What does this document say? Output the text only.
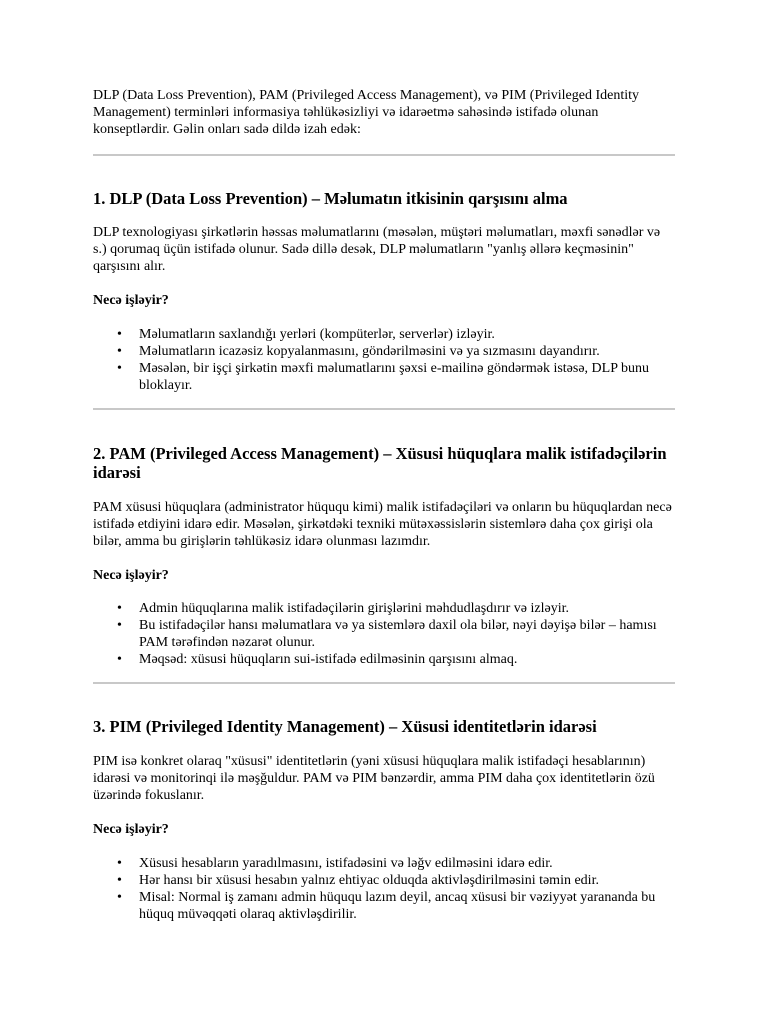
DLP (Data Loss Prevention), PAM (Privileged Access Management), və PIM (Privileged Identity Management) terminləri informasiya təhlükəsizliyi və idarəetmə sahəsində istifadə olunan konseptlərdir. Gəlin onları sadə dildə izah edək:

1. DLP (Data Loss Prevention) – Məlumatın itkisinin qarşısını alma

DLP texnologiyası şirkətlərin həssas məlumatlarını (məsələn, müştəri məlumatları, məxfi sənədlər və s.) qorumaq üçün istifadə olunur. Sadə dillə desək, DLP məlumatların "yanlış əllərə keçməsinin" qarşısını alır.

Necə işləyir?

• Məlumatların saxlandığı yerləri (kompüterlər, serverlər) izləyir.
• Məlumatların icazəsiz kopyalanmasını, göndərilməsini və ya sızmasını dayandırır.
• Məsələn, bir işçi şirkətin məxfi məlumatlarını şəxsi e-mailinə göndərmək istəsə, DLP bunu bloklayır.

2. PAM (Privileged Access Management) – Xüsusi hüquqlara malik istifadəçilərin idarəsi

PAM xüsusi hüquqlara (administrator hüququ kimi) malik istifadəçiləri və onların bu hüquqlardan necə istifadə etdiyini idarə edir. Məsələn, şirkətdəki texniki mütəxəssislərin sistemlərə daha çox girişi ola bilər, amma bu girişlərin təhlükəsiz idarə olunması lazımdır.

Necə işləyir?

• Admin hüquqlarına malik istifadəçilərin girişlərini məhdudlaşdırır və izləyir.
• Bu istifadəçilər hansı məlumatlara və ya sistemlərə daxil ola bilər, nəyi dəyişə bilər – hamısı PAM tərəfindən nəzarət olunur.
• Məqsəd: xüsusi hüquqların sui-istifadə edilməsinin qarşısını almaq.

3. PIM (Privileged Identity Management) – Xüsusi identitetlərin idarəsi

PIM isə konkret olaraq "xüsusi" identitetlərin (yəni xüsusi hüquqlara malik istifadəçi hesablarının) idarəsi və monitorinqi ilə məşğuldur. PAM və PIM bənzərdir, amma PIM daha çox identitetlərin özü üzərində fokuslanır.

Necə işləyir?

• Xüsusi hesabların yaradılmasını, istifadəsini və ləğv edilməsini idarə edir.
• Hər hansı bir xüsusi hesabın yalnız ehtiyac olduqda aktivləşdirilməsini təmin edir.
• Misal: Normal iş zamanı admin hüququ lazım deyil, ancaq xüsusi bir vəziyyət yarananda bu hüquq müvəqqəti olaraq aktivləşdirilir.
